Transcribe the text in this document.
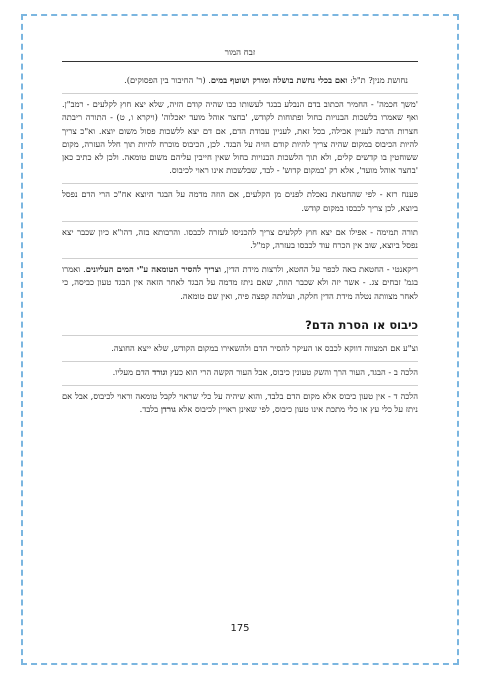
זבח המור

נחושת מנין? ת"ל: ואם בכלי נחשת בושלה ומורק ושוטף במים. (ר' החיבור בין הפסוקים).

'משך חכמה' - החמיר הכתוב בדם הנבלע בבגד לעשותו ככו שהיה קודם הזיה, שלא יצא חוץ לקלעים - רמב"ן. ואף שאמרו בלשכות הבנויות בחול ופתוחות לקודש, 'בחצר אוהל מועד יאכלוה' (ויקרא ו, ט) - התורה ריבתה חצרות הרבה לעניין אכילה, בכל זאת, לעניין עבודת הדם, אם דם יצא ללשכות פסול משום יוצא. וא"כ צריך להיות הכיבוס במקום שהיה צריך להיות קודם הזיה על הבגד. לכן, הכיבוס מוכרח להיות תוך חלל העזרה, מקום ששוחטין בו קדשים קלים, ולא תוך הלשכות הבנויות בחול שאין חייבין עליהם משום טומאה. ולכן לא כתיב כאן 'בחצר אוהל מועד', אלא רק 'במקום קדוש' - לבד, שבלשכות אינו ראוי לכיבוס.

פענח רזא - לפי שהחטאת נאכלת לפנים מן הקלעים, אם הוזה מדמה על הבגד היוצא אח"כ הרי הדם נפסל ביוצא, לכן צריך לכבסו במקום קודש.

תורה תמימה - אפילו אם יצא חוץ לקלעים צריך להכניסו לעזרה לכבסו. והרבותא בזה, דהו"א כיון שכבר יצא נפסל ביוצא, שוב אין הכרח עוד לכבסו בעזרה, קמ"ל.

ריקאנטי - החטאת באה לכפר על החטא, ולרצות מידת הדין, וצריך להסיר הטומאה ע"י המים העליונים. ואמרו בגמ' זבחים צג. - אשר יזה ולא שכבר הוזה, שאם ניתז מדמה על הבגד לאחר הזאה אין הבגד טעון כביסה, כי לאחר מצוותה נטלה מידת הדין חלקה, ועולתה קפצה פיה, ואין שם טומאה.

כיבוס או הסרת הדם?

וצ"ע אם המצווה דווקא לכבס או העיקר להסיר הדם ולהשאירו במקום הקודש, שלא ייצא החוצה.

הלכה ב - הבגד, העור הרך והשק טעונין כיבוס, אבל העור הקשה הרי הוא כעץ וגורד הדם מעליו.

הלכה ד - אין טעון כיבוס אלא מקום הדם בלבד, והוא שיהיה על כלי שראוי לקבל טומאה וראוי לכיבוס, אבל אם ניתז על כלי עץ או כלי מתכת אינו טעון כיבוס, לפי שאינן ראויין לכיבוס אלא גורדן בלבד.

175
